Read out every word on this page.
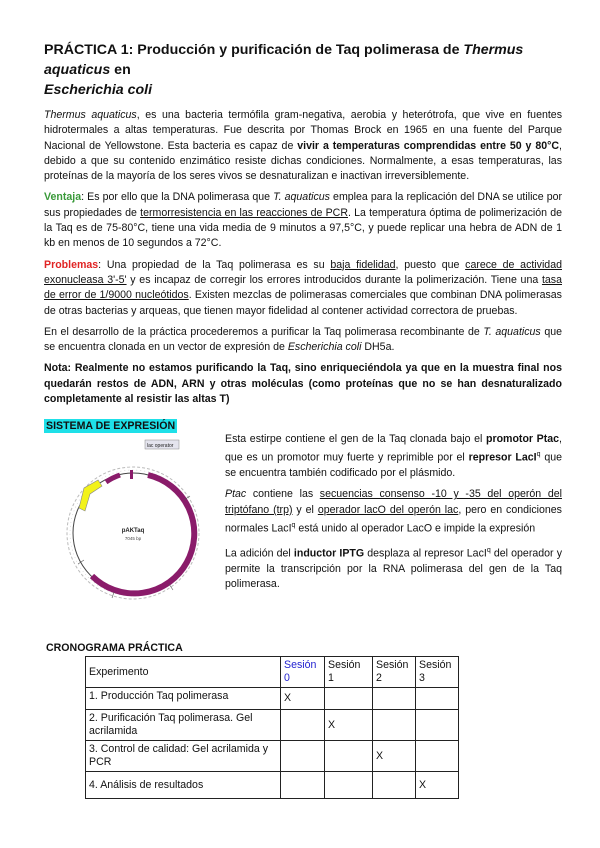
PRÁCTICA 1: Producción y purificación de Taq polimerasa de Thermus aquaticus en
Escherichia coli

Thermus aquaticus, es una bacteria termófila gram-negativa, aerobia y heterótrofa, que vive en fuentes hidrotermales a altas temperaturas. Fue descrita por Thomas Brock en 1965 en una fuente del Parque Nacional de Yellowstone. Esta bacteria es capaz de vivir a temperaturas comprendidas entre 50 y 80°C, debido a que su contenido enzimático resiste dichas condiciones. Normalmente, a esas temperaturas, las proteínas de la mayoría de los seres vivos se desnaturalizan e inactivan irreversiblemente.

Ventaja: Es por ello que la DNA polimerasa que T. aquaticus emplea para la replicación del DNA se utilice por sus propiedades de termorresistencia en las reacciones de PCR. La temperatura óptima de polimerización de la Taq es de 75-80°C, tiene una vida media de 9 minutos a 97,5°C, y puede replicar una hebra de ADN de 1 kb en menos de 10 segundos a 72°C.

Problemas: Una propiedad de la Taq polimerasa es su baja fidelidad, puesto que carece de actividad exonucleasa 3'-5' y es incapaz de corregir los errores introducidos durante la polimerización. Tiene una tasa de error de 1/9000 nucleótidos. Existen mezclas de polimerasas comerciales que combinan DNA polimerasas de otras bacterias y arqueas, que tienen mayor fidelidad al contener actividad correctora de pruebas.

En el desarrollo de la práctica procederemos a purificar la Taq polimerasa recombinante de T. aquaticus que se encuentra clonada en un vector de expresión de Escherichia coli DH5a.

Nota: Realmente no estamos purificando la Taq, sino enriqueciéndola ya que en la muestra final nos quedarán restos de ADN, ARN y otras moléculas (como proteínas que no se han desnaturalizado completamente al resistir las altas T)

SISTEMA DE EXPRESIÓN
lac operator
pAKTaq
7045 bp

Esta estirpe contiene el gen de la Taq clonada bajo el promotor Ptac, que es un promotor muy fuerte y reprimible por el represor LacI$^q$ que se encuentra también codificado por el plásmido.

Ptac contiene las secuencias consenso -10 y -35 del operón del triptófano (trp) y el operador lacO del operón lac, pero en condiciones normales LacI$^q$ está unido al operador LacO e impide la expresión

La adición del inductor IPTG desplaza al represor LacI$^q$ del operador y permite la transcripción por la RNA polimerasa del gen de la Taq polimerasa.

CRONOGRAMA PRÁCTICA
Experimento	Sesión 0	Sesión 1	Sesión 2	Sesión 3
1. Producción Taq polimerasa	X			
2. Purificación Taq polimerasa. Gel acrilamida		X		
3. Control de calidad: Gel acrilamida y PCR			X	
4. Análisis de resultados				X
